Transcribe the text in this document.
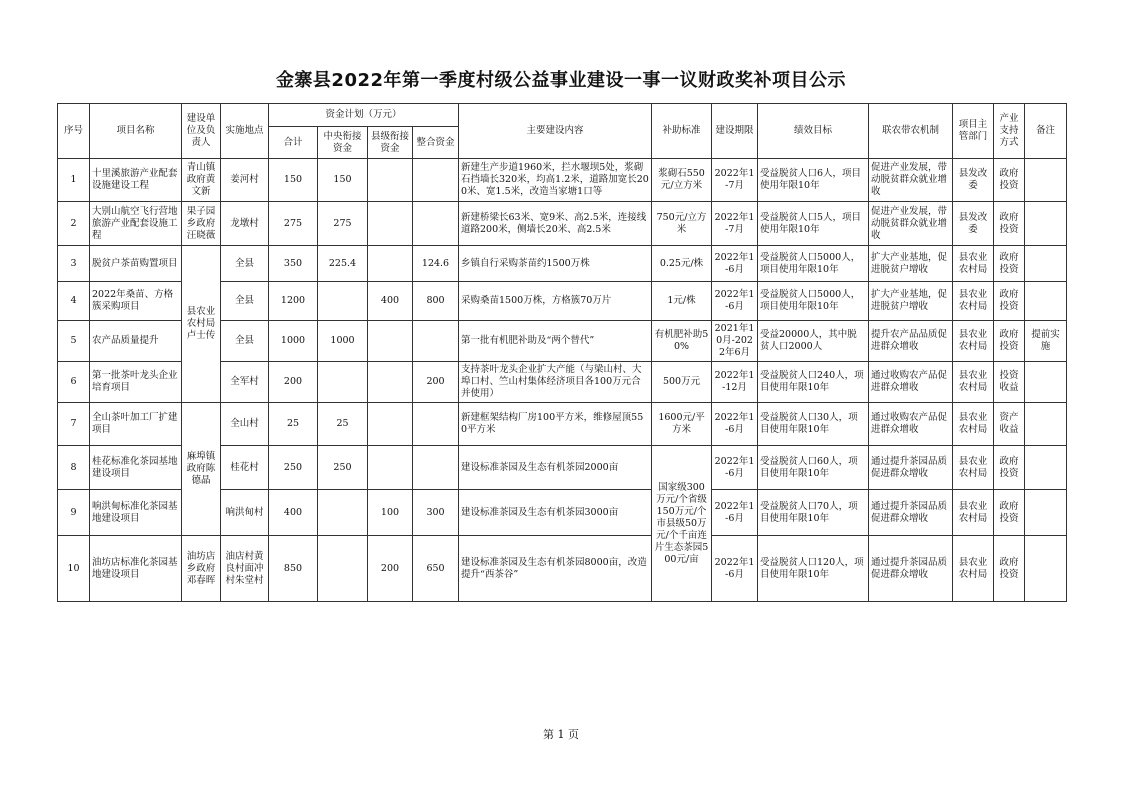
金寨县2022年第一季度村级公益事业建设一事一议财政奖补项目公示
序号	项目名称	建设单位及负责人	实施地点	资金计划（万元）				主要建设内容	补助标准	建设期限	绩效目标	联农带农机制	项目主管部门	产业支持方式	备注
				合计	中央衔接资金	县级衔接资金	整合资金								
1	十里溪旅游产业配套设施建设工程	青山镇政府黄文新	姜河村	150	150			新建生产步道1960米，拦水堰坝5处，浆砌石挡墙长320米，均高1.2米，道路加宽长200米、宽1.5米，改造当家塘1口等	浆砌石550元/立方米	2022年1-7月	受益脱贫人口6人，项目使用年限10年	促进产业发展，带动脱贫群众就业增收	县发改委	政府投资	
2	大别山航空飞行营地旅游产业配套设施工程	果子园乡政府汪晓薇	龙墩村	275	275			新建桥梁长63米、宽9米、高2.5米，连接线道路200米，侧墙长20米、高2.5米	750元/立方米	2022年1-7月	受益脱贫人口5人，项目使用年限10年	促进产业发展，带动脱贫群众就业增收	县发改委	政府投资	
3	脱贫户茶苗购置项目	县农业农村局卢士传	全县	350	225.4		124.6	乡镇自行采购茶苗约1500万株	0.25元/株	2022年1-6月	受益脱贫人口5000人，项目使用年限10年	扩大产业基地，促进脱贫户增收	县农业农村局	政府投资	
4	2022年桑苗、方格簇采购项目		全县	1200		400	800	采购桑苗1500万株，方格簇70万片	1元/株	2022年1-6月	受益脱贫人口5000人，项目使用年限10年	扩大产业基地，促进脱贫户增收	县农业农村局	政府投资	
5	农产品质量提升		全县	1000	1000			第一批有机肥补助及“两个替代”	有机肥补助50%	2021年10月-2022年6月	受益20000人，其中脱贫人口2000人	提升农产品品质促进群众增收	县农业农村局	政府投资	提前实施
6	第一批茶叶龙头企业培育项目		全军村	200			200	支持茶叶龙头企业扩大产能（与梁山村、大埠口村、竺山村集体经济项目各100万元合并使用）	500万元	2022年1-12月	受益脱贫人口240人，项目使用年限10年	通过收购农产品促进群众增收	县农业农村局	投资收益	
7	全山茶叶加工厂扩建项目	麻埠镇政府陈德晶	全山村	25	25			新建框架结构厂房100平方米，维修屋顶550平方米	1600元/平方米	2022年1-6月	受益脱贫人口30人，项目使用年限10年	通过收购农产品促进群众增收	县农业农村局	资产收益	
8	桂花标准化茶园基地建设项目		桂花村	250	250			建设标准茶园及生态有机茶园2000亩	国家级300万元/个省级150万元/个市县级50万元/个千亩连片生态茶园500元/亩	2022年1-6月	受益脱贫人口60人，项目使用年限10年	通过提升茶园品质促进群众增收	县农业农村局	政府投资	
9	响洪甸标准化茶园基地建设项目		响洪甸村	400		100	300	建设标准茶园及生态有机茶园3000亩		2022年1-6月	受益脱贫人口70人，项目使用年限10年	通过提升茶园品质促进群众增收	县农业农村局	政府投资	
10	油坊店标准化茶园基地建设项目	油坊店乡政府邓春晖	油店村黄良村面冲村朱堂村	850		200	650	建设标准茶园及生态有机茶园8000亩，改造提升“西茶谷”		2022年1-6月	受益脱贫人口120人，项目使用年限10年	通过提升茶园品质促进群众增收	县农业农村局	政府投资	
第 1 页
